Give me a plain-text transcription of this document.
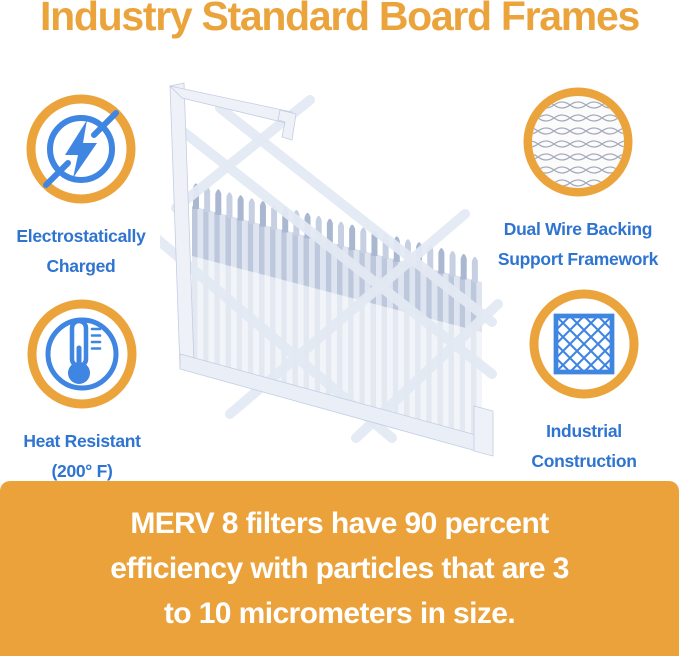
Industry Standard Board Frames
Electrostatically
Charged
Dual Wire Backing
Support Framework
Heat Resistant
(200° F)
Industrial
Construction

MERV 8 filters have 90 percent
efficiency with particles that are 3
to 10 micrometers in size.
